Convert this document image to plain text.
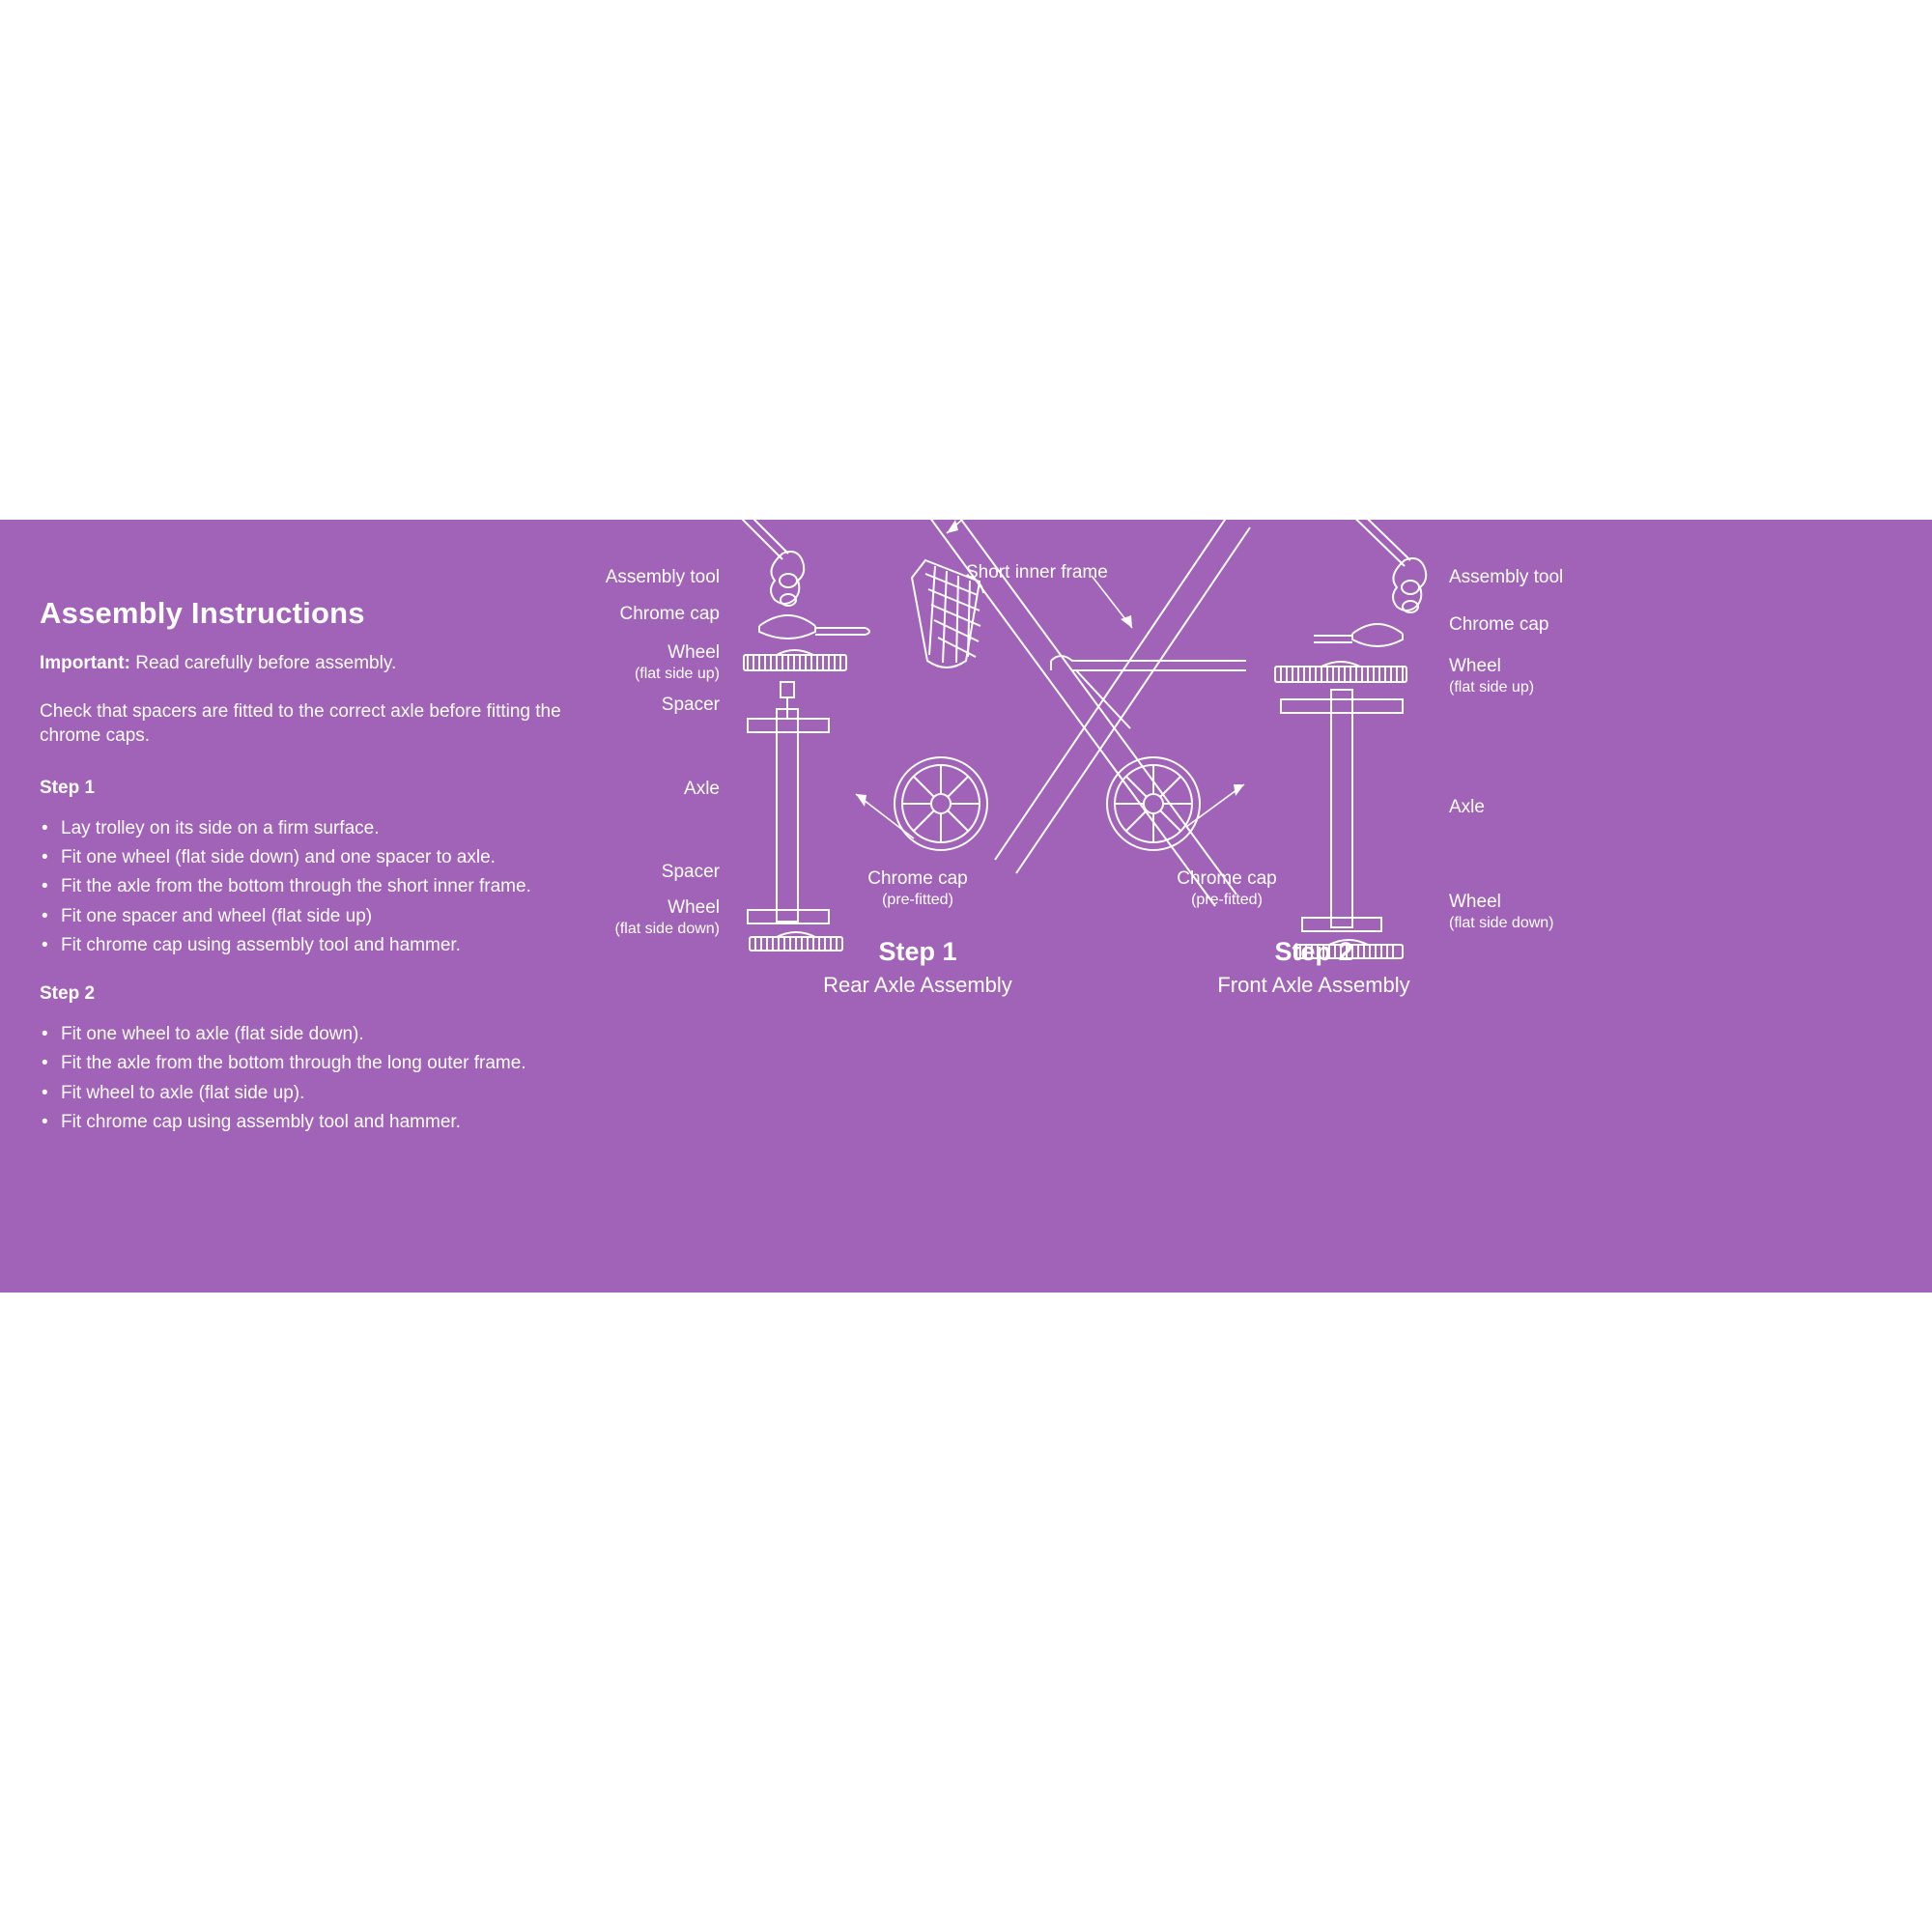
Assembly Instructions

Important: Read carefully before assembly.

Check that spacers are fitted to the correct axle before fitting the chrome caps.

Step 1
• Lay trolley on its side on a firm surface.
• Fit one wheel (flat side down) and one spacer to axle.
• Fit the axle from the bottom through the short inner frame.
• Fit one spacer and wheel (flat side up)
• Fit chrome cap using assembly tool and hammer.
Step 2
• Fit one wheel to axle (flat side down).
• Fit the axle from the bottom through the long outer frame.
• Fit wheel to axle (flat side up).
• Fit chrome cap using assembly tool and hammer.
Assembly tool
Chrome cap
Wheel
(flat side up)
Spacer
Axle
Spacer
Wheel
(flat side down)
Long outer frame
Short inner frame
Chrome cap
(pre-fitted)
Chrome cap
(pre-fitted)
Assembly tool
Chrome cap
Wheel
(flat side up)
Axle
Wheel
(flat side down)
Step 1
Rear Axle Assembly
Step 2
Front Axle Assembly
